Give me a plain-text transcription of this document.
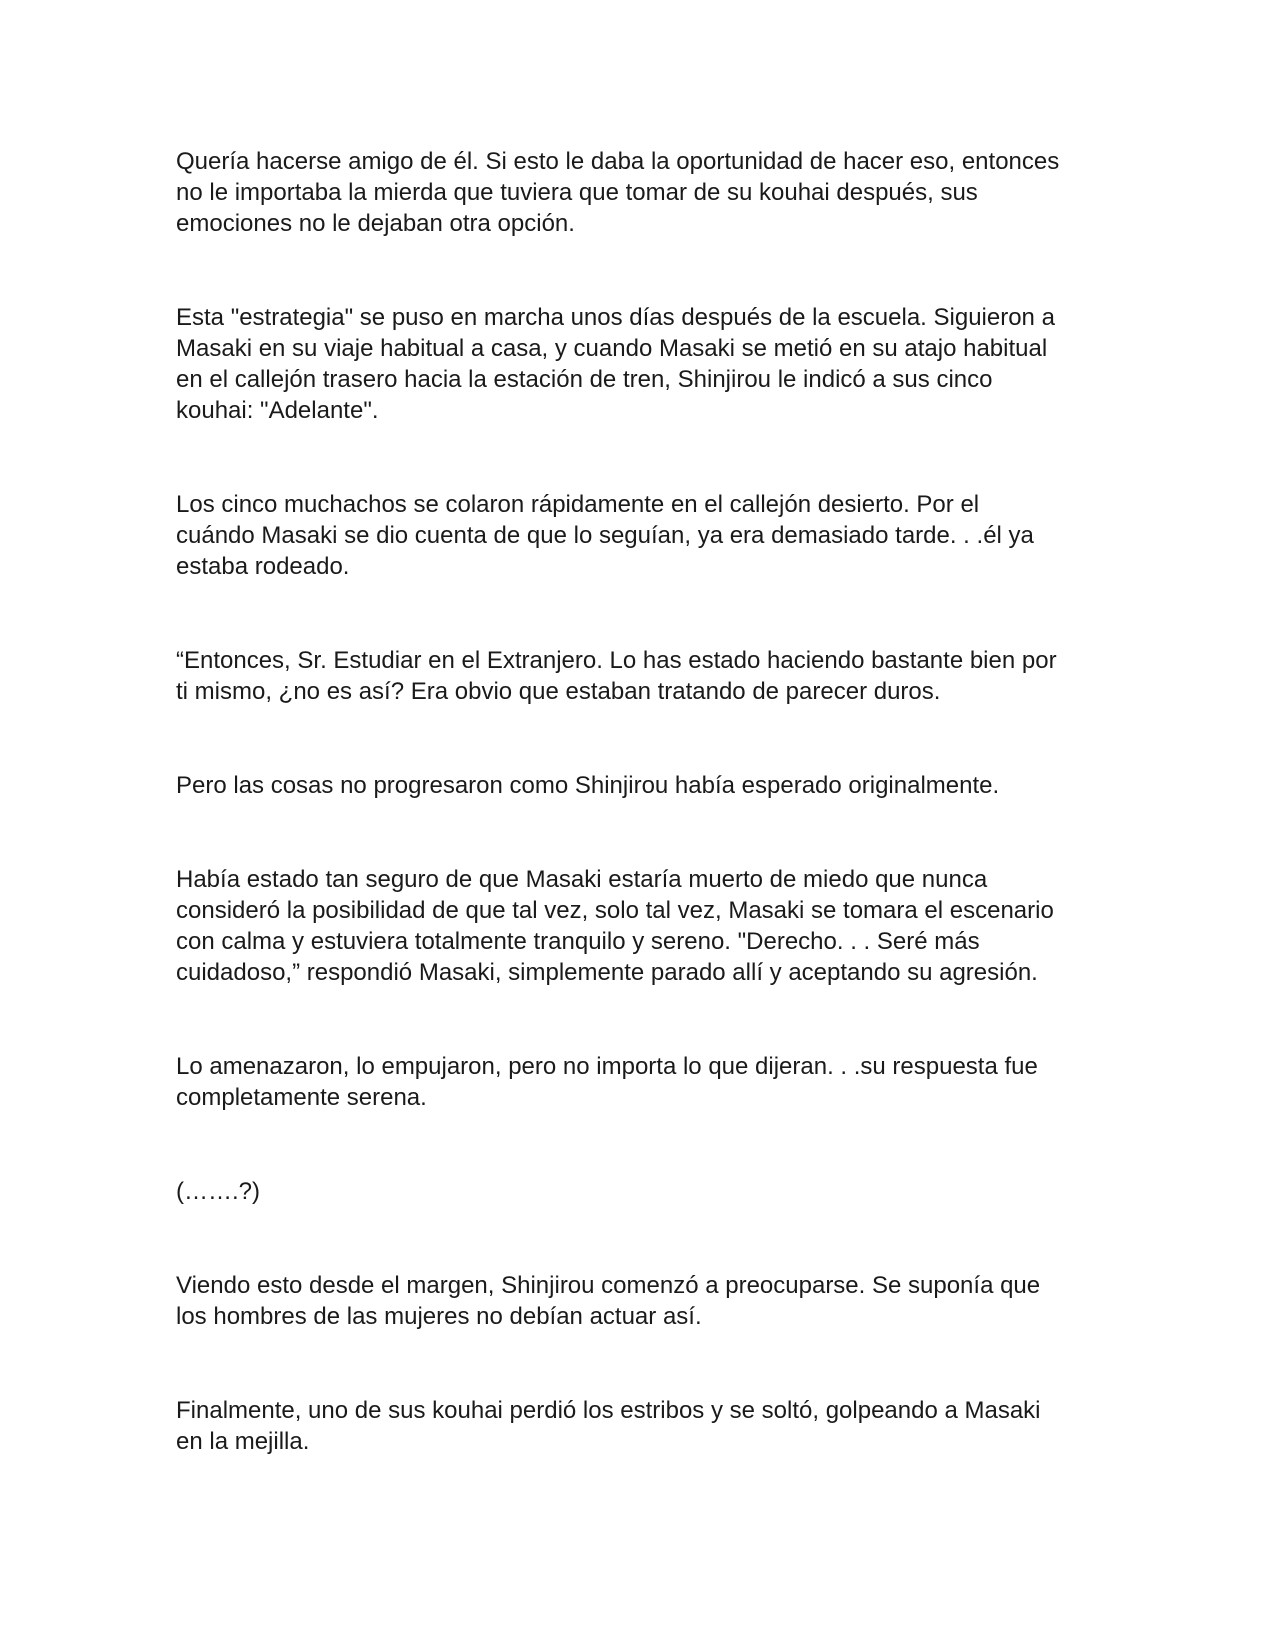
Quería hacerse amigo de él. Si esto le daba la oportunidad de hacer eso, entonces
no le importaba la mierda que tuviera que tomar de su kouhai después, sus
emociones no le dejaban otra opción.

Esta "estrategia" se puso en marcha unos días después de la escuela. Siguieron a
Masaki en su viaje habitual a casa, y cuando Masaki se metió en su atajo habitual
en el callejón trasero hacia la estación de tren, Shinjirou le indicó a sus cinco
kouhai: "Adelante".

Los cinco muchachos se colaron rápidamente en el callejón desierto. Por el
cuándo Masaki se dio cuenta de que lo seguían, ya era demasiado tarde. . .él ya
estaba rodeado.

“Entonces, Sr. Estudiar en el Extranjero. Lo has estado haciendo bastante bien por
ti mismo, ¿no es así? Era obvio que estaban tratando de parecer duros.

Pero las cosas no progresaron como Shinjirou había esperado originalmente.

Había estado tan seguro de que Masaki estaría muerto de miedo que nunca
consideró la posibilidad de que tal vez, solo tal vez, Masaki se tomara el escenario
con calma y estuviera totalmente tranquilo y sereno. "Derecho. . . Seré más
cuidadoso,” respondió Masaki, simplemente parado allí y aceptando su agresión.

Lo amenazaron, lo empujaron, pero no importa lo que dijeran. . .su respuesta fue
completamente serena.

(…….?)

Viendo esto desde el margen, Shinjirou comenzó a preocuparse. Se suponía que
los hombres de las mujeres no debían actuar así.

Finalmente, uno de sus kouhai perdió los estribos y se soltó, golpeando a Masaki
en la mejilla.
